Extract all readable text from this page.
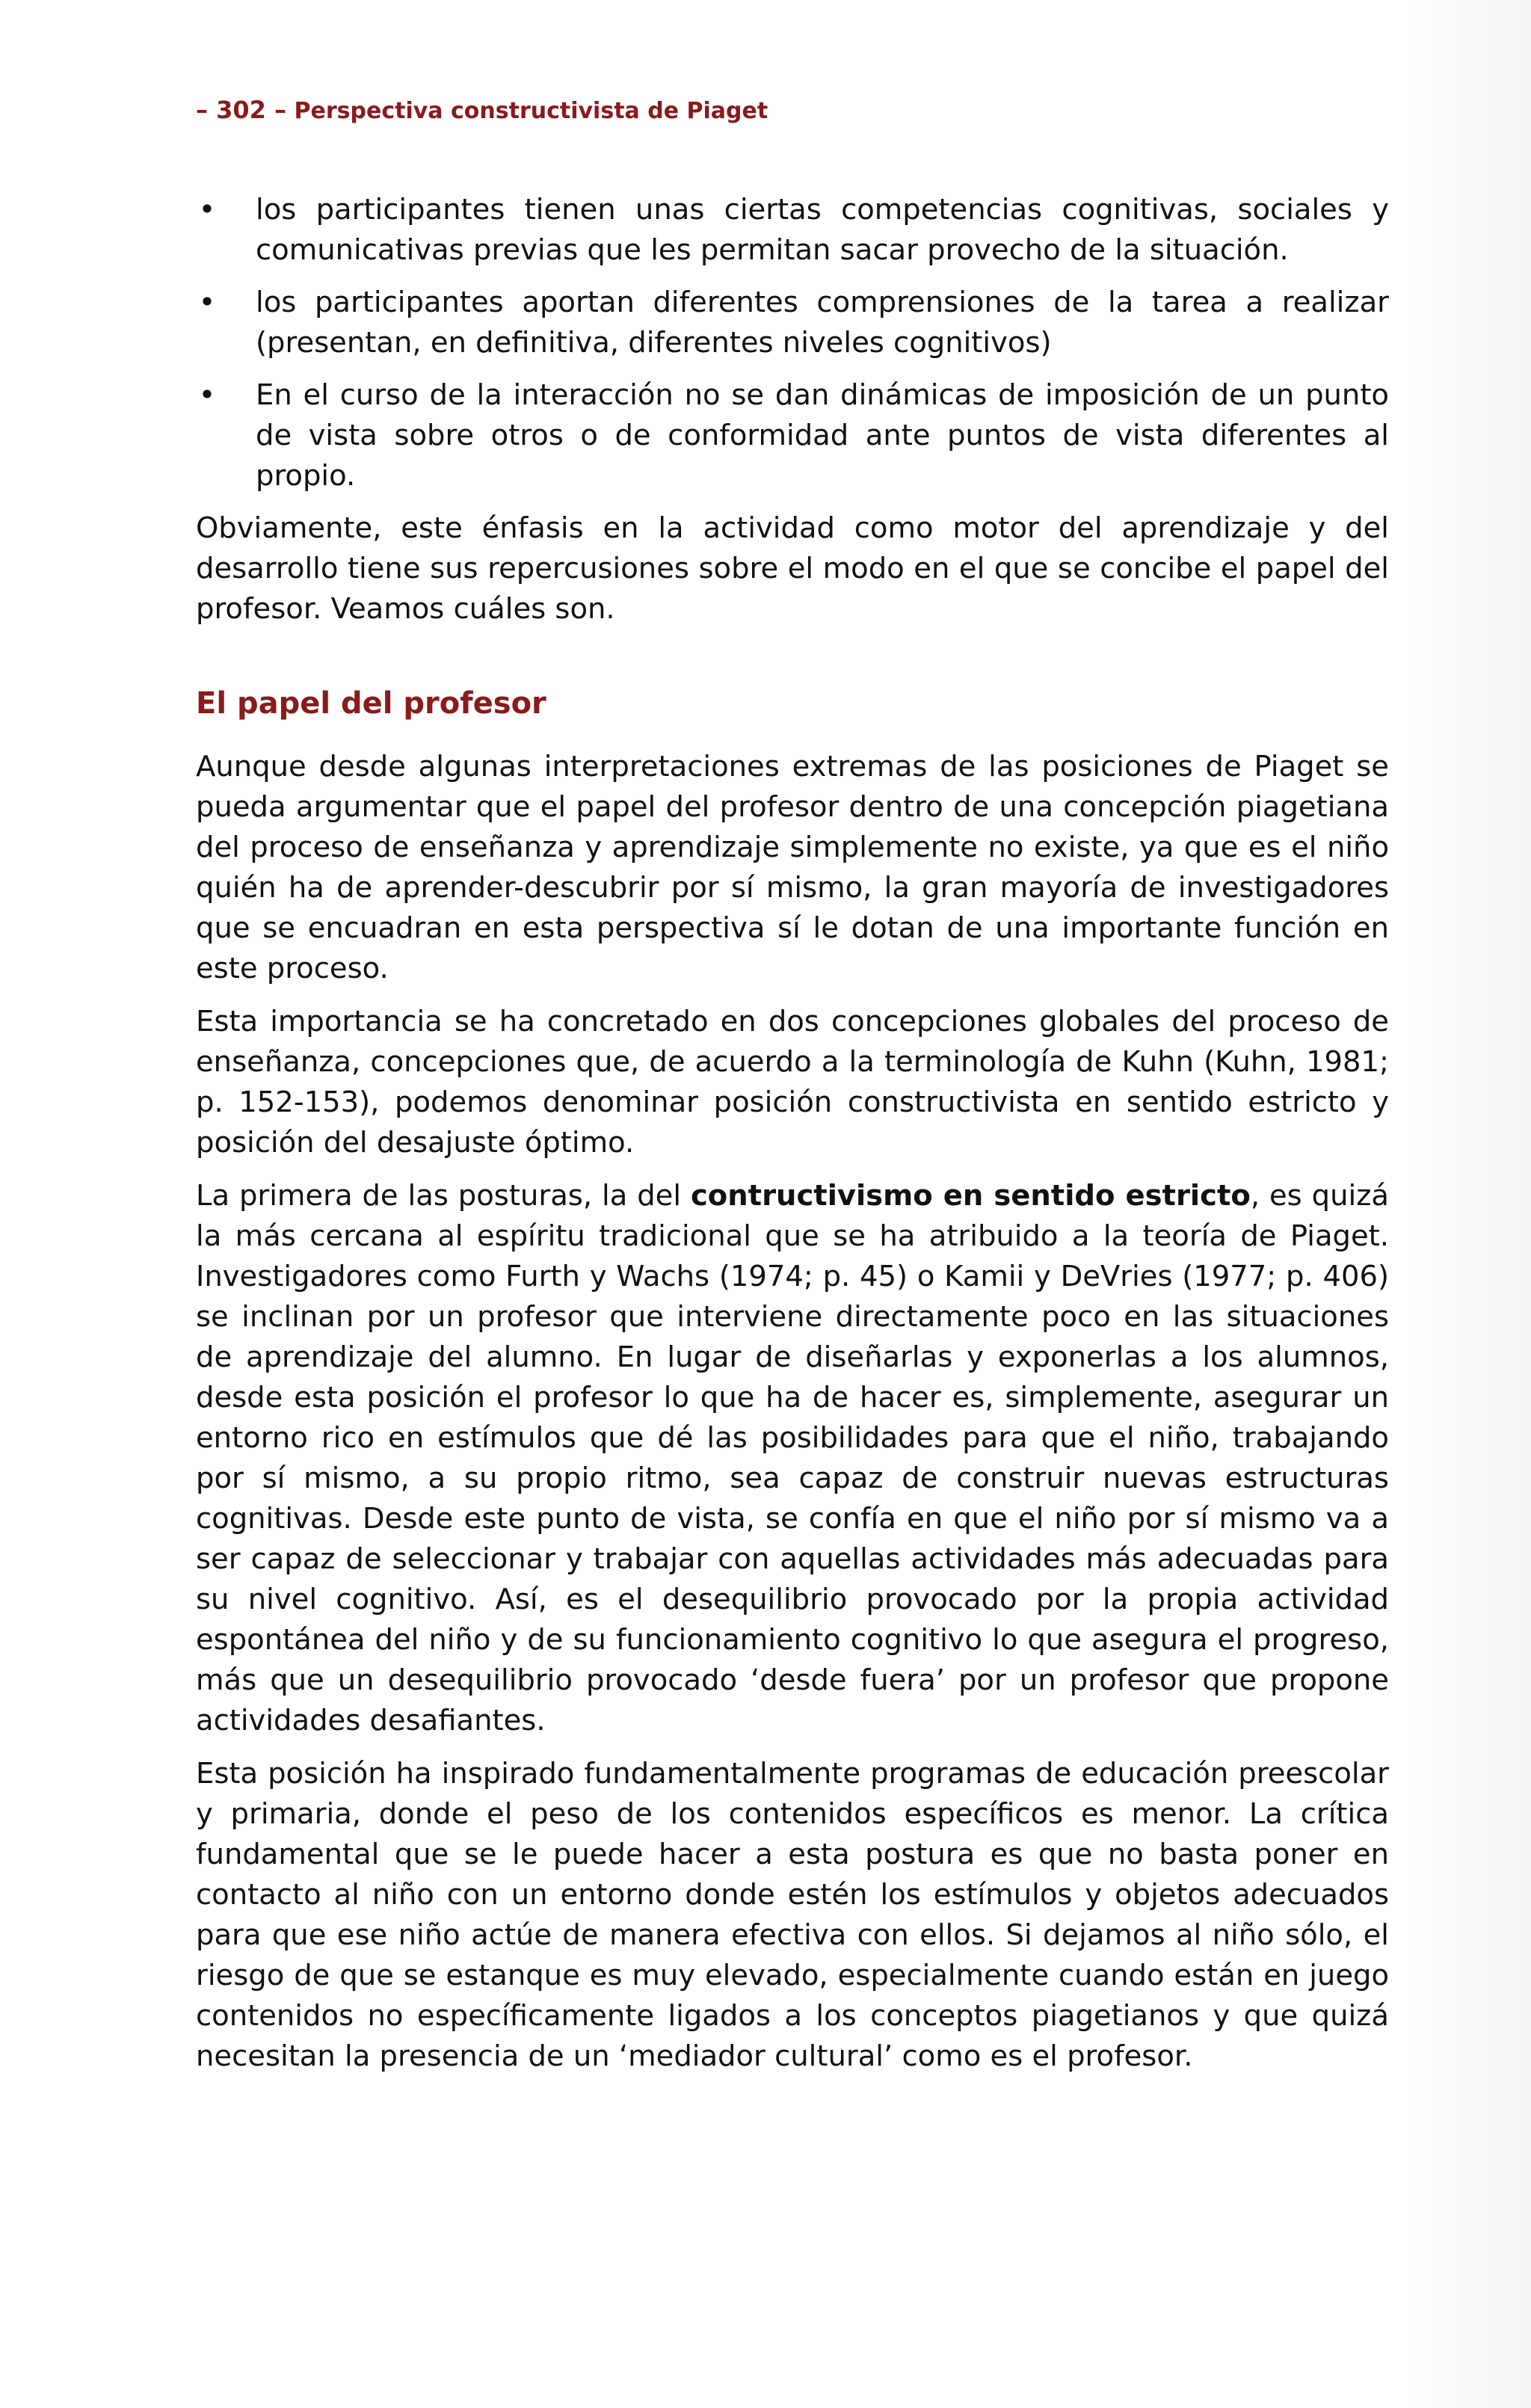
– 302 – Perspectiva constructivista de Piaget
• los participantes tienen unas ciertas competencias cognitivas, sociales y comunicativas previas que les permitan sacar provecho de la situación.
• los participantes aportan diferentes comprensiones de la tarea a realizar (presentan, en definitiva, diferentes niveles cognitivos)
• En el curso de la interacción no se dan dinámicas de imposición de un punto de vista sobre otros o de conformidad ante puntos de vista diferentes al propio.

Obviamente, este énfasis en la actividad como motor del aprendizaje y del desarrollo tiene sus repercusiones sobre el modo en el que se concibe el papel del profesor. Veamos cuáles son.

El papel del profesor

Aunque desde algunas interpretaciones extremas de las posiciones de Piaget se pueda argumentar que el papel del profesor dentro de una concepción piagetiana del proceso de enseñanza y aprendizaje simplemente no existe, ya que es el niño quién ha de aprender-descubrir por sí mismo, la gran mayoría de investigadores que se encuadran en esta perspectiva sí le dotan de una importante función en este proceso.

Esta importancia se ha concretado en dos concepciones globales del proceso de enseñanza, concepciones que, de acuerdo a la terminología de Kuhn (Kuhn, 1981; p. 152-153), podemos denominar posición constructivista en sentido estricto y posición del desajuste óptimo.

La primera de las posturas, la del contructivismo en sentido estricto, es quizá la más cercana al espíritu tradicional que se ha atribuido a la teoría de Piaget. Investigadores como Furth y Wachs (1974; p. 45) o Kamii y DeVries (1977; p. 406) se inclinan por un profesor que interviene directamente poco en las situaciones de aprendizaje del alumno. En lugar de diseñarlas y exponerlas a los alumnos, desde esta posición el profesor lo que ha de hacer es, simplemente, asegurar un entorno rico en estímulos que dé las posibilidades para que el niño, trabajando por sí mismo, a su propio ritmo, sea capaz de construir nuevas estructuras cognitivas. Desde este punto de vista, se confía en que el niño por sí mismo va a ser capaz de seleccionar y trabajar con aquellas actividades más adecuadas para su nivel cognitivo. Así, es el desequilibrio provocado por la propia actividad espontánea del niño y de su funcionamiento cognitivo lo que asegura el progreso, más que un desequilibrio provocado ‘desde fuera’ por un profesor que propone actividades desafiantes.

Esta posición ha inspirado fundamentalmente programas de educación preescolar y primaria, donde el peso de los contenidos específicos es menor. La crítica fundamental que se le puede hacer a esta postura es que no basta poner en contacto al niño con un entorno donde estén los estímulos y objetos adecuados para que ese niño actúe de manera efectiva con ellos. Si dejamos al niño sólo, el riesgo de que se estanque es muy elevado, especialmente cuando están en juego contenidos no específicamente ligados a los conceptos piagetianos y que quizá necesitan la presencia de un ‘mediador cultural’ como es el profesor.
